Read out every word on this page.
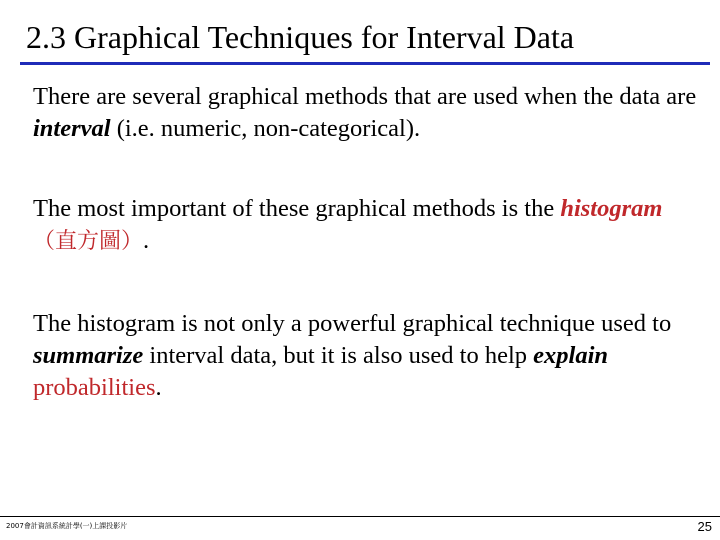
2.3 Graphical Techniques for Interval Data
There are several graphical methods that are used when the data are interval (i.e. numeric, non-categorical).
The most important of these graphical methods is the histogram（直方圖）.
The histogram is not only a powerful graphical technique used to summarize interval data, but it is also used to help explain probabilities.
2007會計資訊系統計學(一)上課投影片	25
